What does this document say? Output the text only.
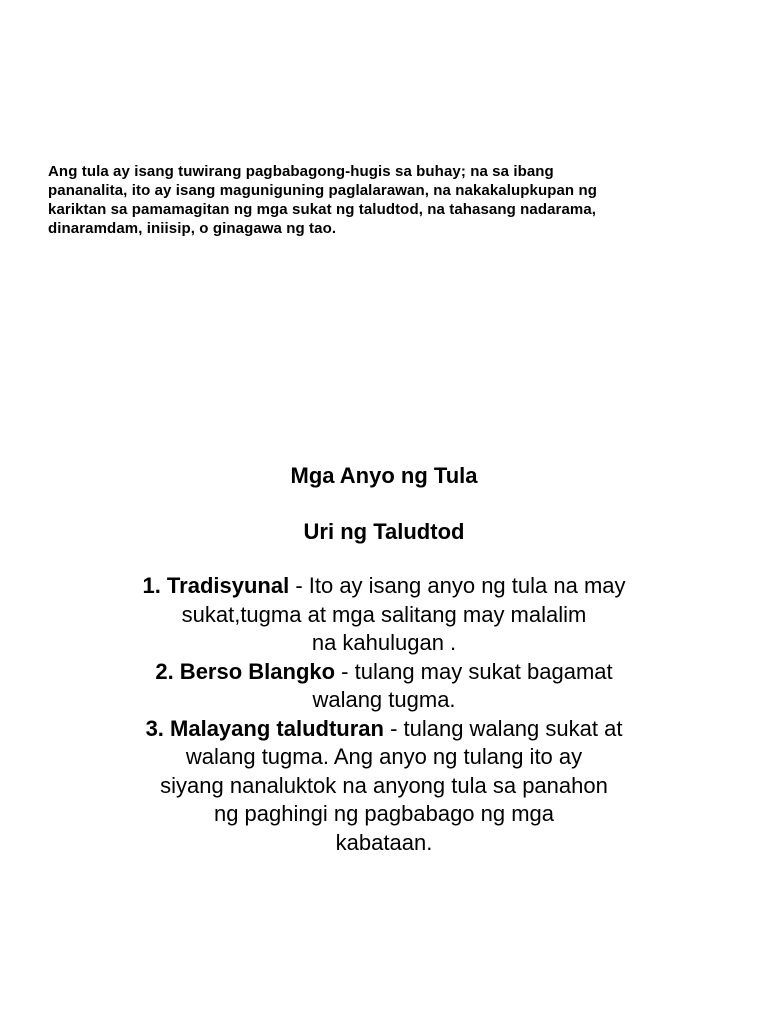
Ang tula ay isang tuwirang pagbabagong-hugis sa buhay; na sa ibang
pananalita, ito ay isang maguniguning paglalarawan, na nakakalupkupan ng
kariktan sa pamamagitan ng mga sukat ng taludtod, na tahasang nadarama,
dinaramdam, iniisip, o ginagawa ng tao.
Mga Anyo ng Tula
Uri ng Taludtod
1. Tradisyunal - Ito ay isang anyo ng tula na may
sukat,tugma at mga salitang may malalim
na kahulugan .
2. Berso Blangko - tulang may sukat bagamat
walang tugma.
3. Malayang taludturan - tulang walang sukat at
walang tugma. Ang anyo ng tulang ito ay
siyang nanaluktok na anyong tula sa panahon
ng paghingi ng pagbabago ng mga
kabataan.
